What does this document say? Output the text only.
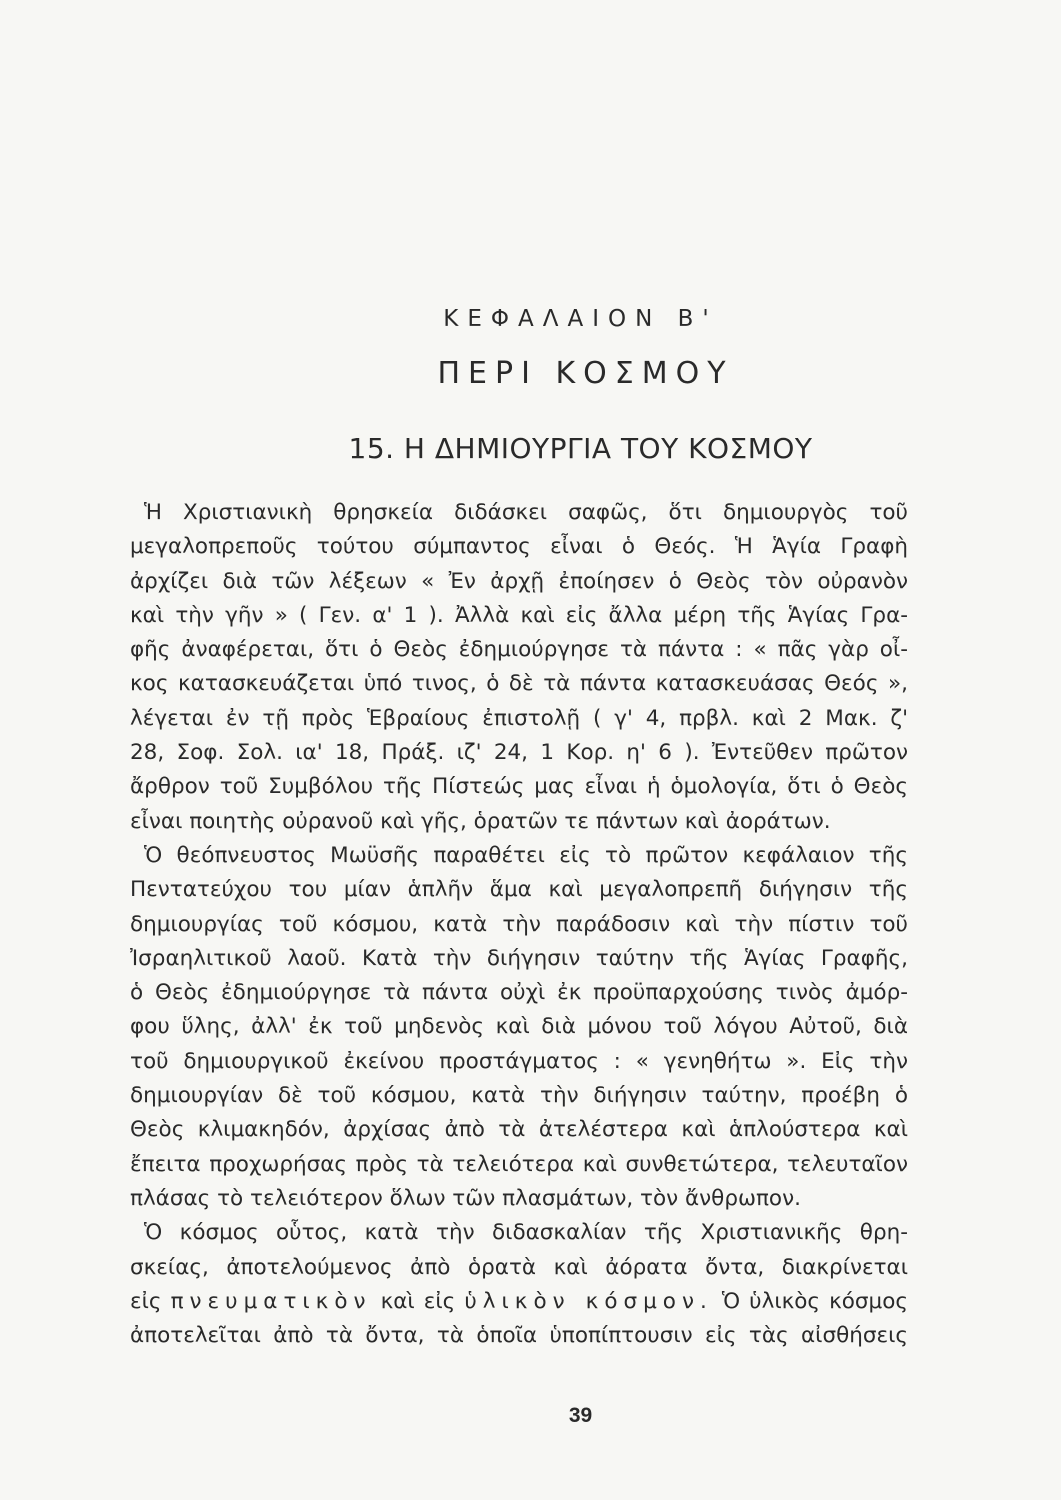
ΚΕΦΑΛΑΙΟΝ Β'
ΠΕΡΙ ΚΟΣΜΟΥ
15. Η ΔΗΜΙΟΥΡΓΙΑ ΤΟΥ ΚΟΣΜΟΥ
Ἡ Χριστιανικὴ θρησκεία διδάσκει σαφῶς, ὅτι δημιουργὸς τοῦ
μεγαλοπρεποῦς τούτου σύμπαντος εἶναι ὁ Θεός. Ἡ Ἁγία Γραφὴ
ἀρχίζει διὰ τῶν λέξεων « Ἐν ἀρχῇ ἐποίησεν ὁ Θεὸς τὸν οὐρανὸν
καὶ τὴν γῆν » ( Γεν. α' 1 ). Ἀλλὰ καὶ εἰς ἄλλα μέρη τῆς Ἁγίας Γρα-
φῆς ἀναφέρεται, ὅτι ὁ Θεὸς ἐδημιούργησε τὰ πάντα : « πᾶς γὰρ οἶ-
κος κατασκευάζεται ὑπό τινος, ὁ δὲ τὰ πάντα κατασκευάσας Θεός »,
λέγεται ἐν τῇ πρὸς Ἑβραίους ἐπιστολῇ ( γ' 4, πρβλ. καὶ 2 Μακ. ζ'
28, Σοφ. Σολ. ια' 18, Πράξ. ιζ' 24, 1 Κορ. η' 6 ). Ἐντεῦθεν πρῶτον
ἄρθρον τοῦ Συμβόλου τῆς Πίστεώς μας εἶναι ἡ ὁμολογία, ὅτι ὁ Θεὸς
εἶναι ποιητὴς οὐρανοῦ καὶ γῆς, ὁρατῶν τε πάντων καὶ ἀοράτων.
Ὁ θεόπνευστος Μωϋσῆς παραθέτει εἰς τὸ πρῶτον κεφάλαιον τῆς
Πεντατεύχου του μίαν ἁπλῆν ἅμα καὶ μεγαλοπρεπῆ διήγησιν τῆς
δημιουργίας τοῦ κόσμου, κατὰ τὴν παράδοσιν καὶ τὴν πίστιν τοῦ
Ἰσραηλιτικοῦ λαοῦ. Κατὰ τὴν διήγησιν ταύτην τῆς Ἁγίας Γραφῆς,
ὁ Θεὸς ἐδημιούργησε τὰ πάντα οὐχὶ ἐκ προϋπαρχούσης τινὸς ἀμόρ-
φου ὕλης, ἀλλ' ἐκ τοῦ μηδενὸς καὶ διὰ μόνου τοῦ λόγου Αὐτοῦ, διὰ
τοῦ δημιουργικοῦ ἐκείνου προστάγματος : « γενηθήτω ». Εἰς τὴν
δημιουργίαν δὲ τοῦ κόσμου, κατὰ τὴν διήγησιν ταύτην, προέβη ὁ
Θεὸς κλιμακηδόν, ἀρχίσας ἀπὸ τὰ ἀτελέστερα καὶ ἁπλούστερα καὶ
ἔπειτα προχωρήσας πρὸς τὰ τελειότερα καὶ συνθετώτερα, τελευταῖον
πλάσας τὸ τελειότερον ὅλων τῶν πλασμάτων, τὸν ἄνθρωπον.
Ὁ κόσμος οὗτος, κατὰ τὴν διδασκαλίαν τῆς Χριστιανικῆς θρη-
σκείας, ἀποτελούμενος ἀπὸ ὁρατὰ καὶ ἀόρατα ὄντα, διακρίνεται
εἰς πνευματικὸν καὶ εἰς ὑλικὸν κόσμον. Ὁ ὑλικὸς κόσμος
ἀποτελεῖται ἀπὸ τὰ ὄντα, τὰ ὁποῖα ὑποπίπτουσιν εἰς τὰς αἰσθήσεις
39
